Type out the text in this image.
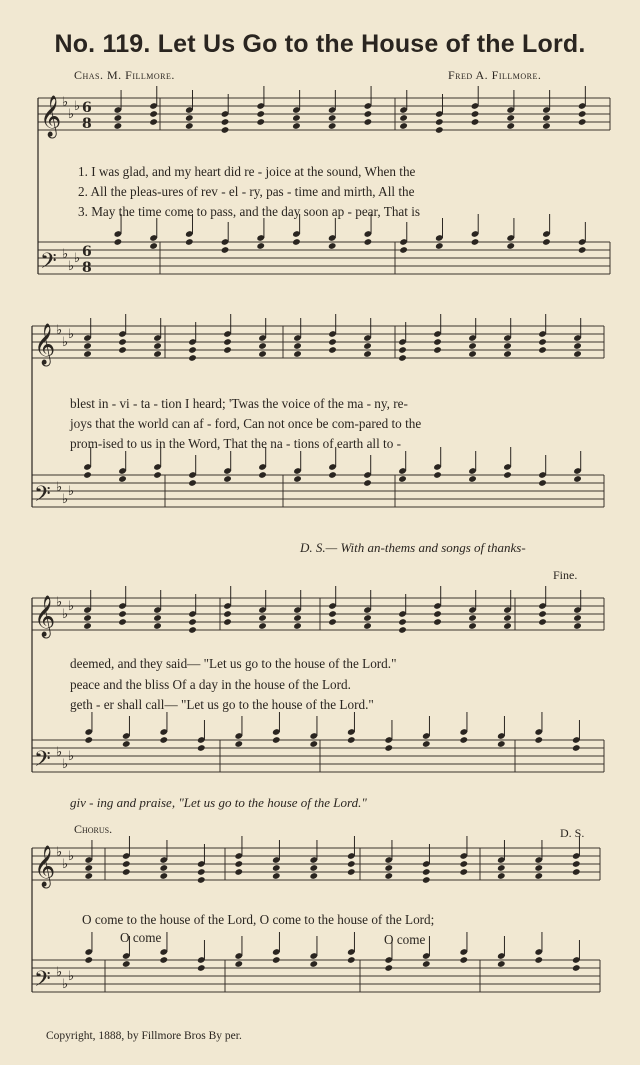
𝄞 ♭
♭
♭
𝄢 ♭
♭
♭
𝄞 ♭
♭
♭
𝄢 ♭
♭
♭
𝄞 ♭
♭
♭
𝄢 ♭
♭
♭
𝄞 ♭
♭
♭
𝄢 ♭
♭
♭
6
8
6
8
No. 119. Let Us Go to the House of the Lord.
Chas. M. Fillmore.	Fred A. Fillmore.
1. I was glad, and my heart did re - joice at the sound, When the
2. All the pleas-ures of rev - el - ry, pas - time and mirth, All the
3. May the time come to pass, and the day soon ap - pear, That is
blest in - vi - ta - tion I heard; 'Twas the voice of the ma - ny, re-
joys that the world can af - ford, Can not once be com-pared to the
prom-ised to us in the Word, That the na - tions of earth all to -
D. S.— With an-thems and songs of thanks-
Fine.
deemed, and they said— "Let us go to the house of the Lord."
peace and the bliss Of a day in the house of the Lord.
geth - er shall call— "Let us go to the house of the Lord."
giv - ing and praise, "Let us go to the house of the Lord."
Chorus.	D. S.
O come to the house of the Lord, O come to the house of the Lord;
O come	O come
Copyright, 1888, by Fillmore Bros By per.
